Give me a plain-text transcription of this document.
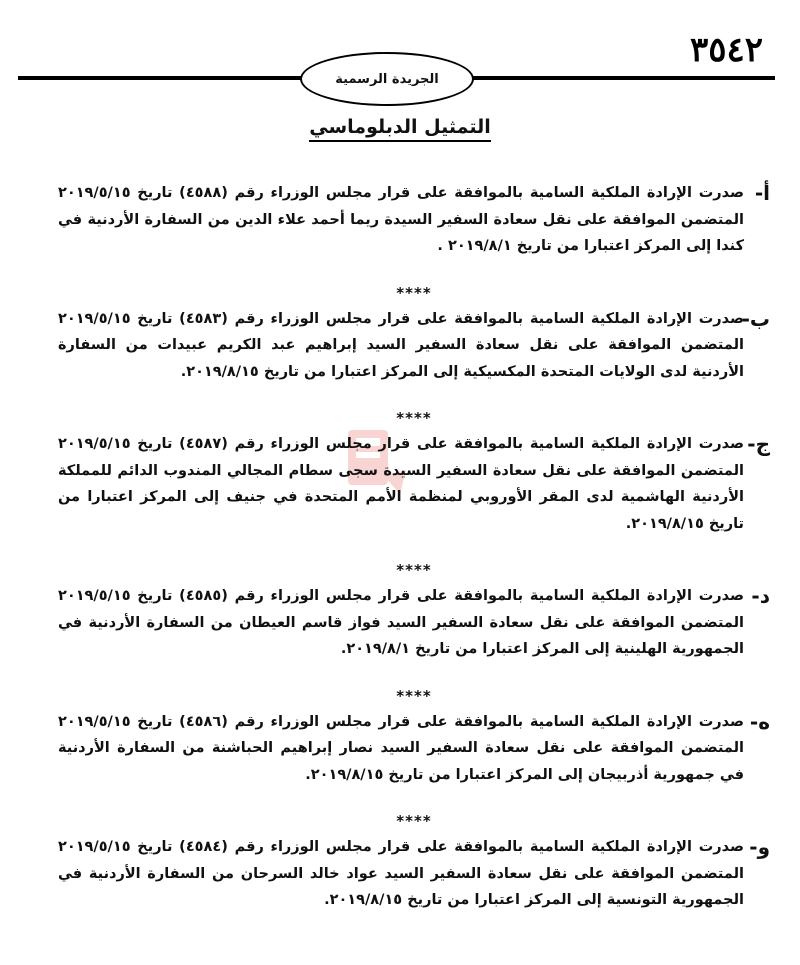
٣٥٤٢
الجريدة الرسمية
التمثيل الدبلوماسي
أ-
صدرت الإرادة الملكية السامية بالموافقة على قرار مجلس الوزراء رقم (٤٥٨٨) تاريخ ٢٠١٩/٥/١٥ المتضمن الموافقة على نقل سعادة السفير السيدة ريما أحمد علاء الدين من السفارة الأردنية في كندا إلى المركز اعتبارا من تاريخ ٢٠١٩/٨/١ .
****
ب-
صدرت الإرادة الملكية السامية بالموافقة على قرار مجلس الوزراء رقم (٤٥٨٣) تاريخ ٢٠١٩/٥/١٥ المتضمن الموافقة على نقل سعادة السفير السيد إبراهيم عبد الكريم عبيدات من السفارة الأردنية لدى الولايات المتحدة المكسيكية إلى المركز اعتبارا من تاريخ ٢٠١٩/٨/١٥.
****
ج-
صدرت الإرادة الملكية السامية بالموافقة على قرار مجلس الوزراء رقم (٤٥٨٧) تاريخ ٢٠١٩/٥/١٥ المتضمن الموافقة على نقل سعادة السفير السيدة سجى سطام المجالي المندوب الدائم للمملكة الأردنية الهاشمية لدى المقر الأوروبي لمنظمة الأمم المتحدة في جنيف إلى المركز اعتبارا من تاريخ ٢٠١٩/٨/١٥.
****
د-
صدرت الإرادة الملكية السامية بالموافقة على قرار مجلس الوزراء رقم (٤٥٨٥) تاريخ ٢٠١٩/٥/١٥ المتضمن الموافقة على نقل سعادة السفير السيد فواز قاسم العيطان من السفارة الأردنية في الجمهورية الهلينية إلى المركز اعتبارا من تاريخ ٢٠١٩/٨/١.
****
ه-
صدرت الإرادة الملكية السامية بالموافقة على قرار مجلس الوزراء رقم (٤٥٨٦) تاريخ ٢٠١٩/٥/١٥ المتضمن الموافقة على نقل سعادة السفير السيد نصار إبراهيم الحباشنة من السفارة الأردنية في جمهورية أذربيجان إلى المركز اعتبارا من تاريخ ٢٠١٩/٨/١٥.
****
و-
صدرت الإرادة الملكية السامية بالموافقة على قرار مجلس الوزراء رقم (٤٥٨٤) تاريخ ٢٠١٩/٥/١٥ المتضمن الموافقة على نقل سعادة السفير السيد عواد خالد السرحان من السفارة الأردنية في الجمهورية التونسية إلى المركز اعتبارا من تاريخ ٢٠١٩/٨/١٥.
